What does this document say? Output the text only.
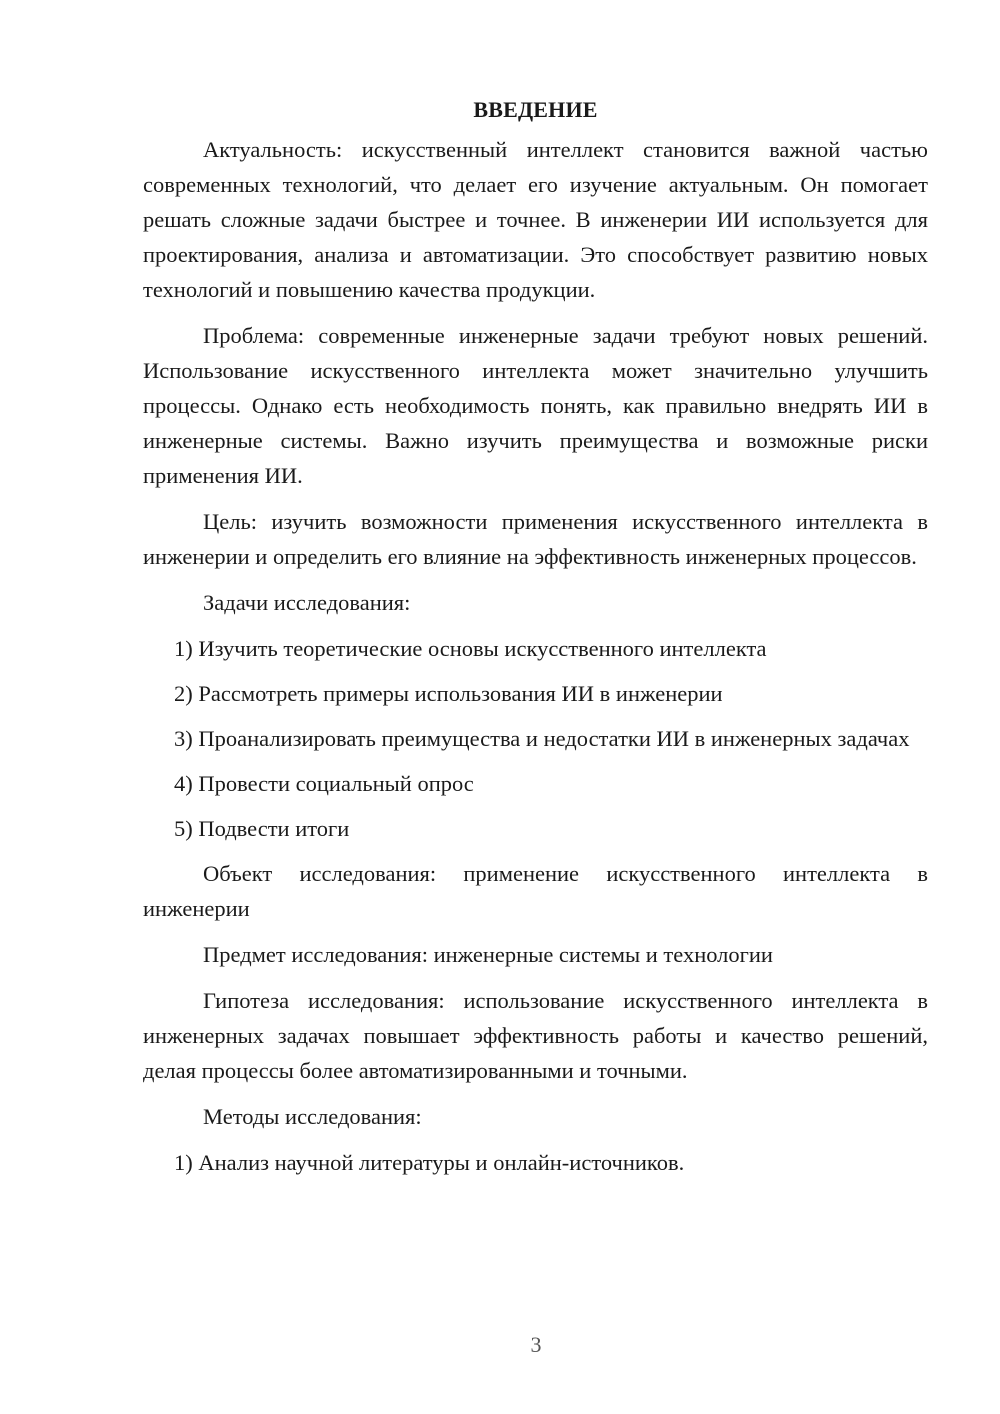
ВВЕДЕНИЕ

Актуальность: искусственный интеллект становится важной частью современных технологий, что делает его изучение актуальным. Он помогает решать сложные задачи быстрее и точнее. В инженерии ИИ используется для проектирования, анализа и автоматизации. Это способствует развитию новых технологий и повышению качества продукции.

Проблема: современные инженерные задачи требуют новых решений. Использование искусственного интеллекта может значительно улучшить процессы. Однако есть необходимость понять, как правильно внедрять ИИ в инженерные системы. Важно изучить преимущества и возможные риски применения ИИ.

Цель: изучить возможности применения искусственного интеллекта в инженерии и определить его влияние на эффективность инженерных процессов.

Задачи исследования:

1) Изучить теоретические основы искусственного интеллекта

2) Рассмотреть примеры использования ИИ в инженерии

3) Проанализировать преимущества и недостатки ИИ в инженерных задачах

4) Провести социальный опрос

5) Подвести итоги

Объект исследования: применение искусственного интеллекта в инженерии

Предмет исследования: инженерные системы и технологии

Гипотеза исследования: использование искусственного интеллекта в инженерных задачах повышает эффективность работы и качество решений, делая процессы более автоматизированными и точными.

Методы исследования:

1) Анализ научной литературы и онлайн-источников.

3
